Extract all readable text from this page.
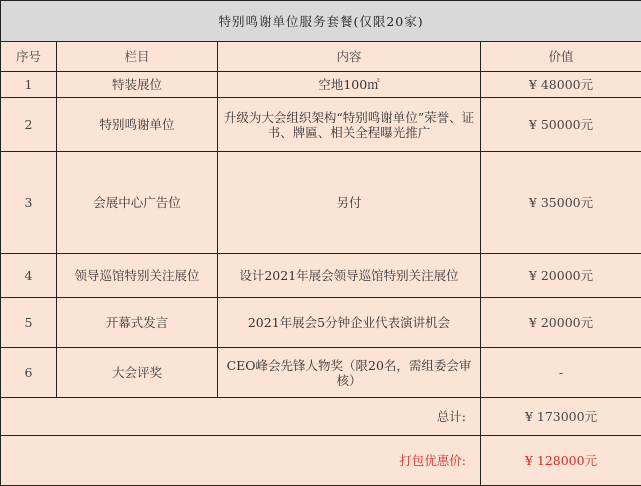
特别鸣谢单位服务套餐(仅限20家)			
序号	栏目	内容	价值
1	特装展位	空地100㎡	¥ 48000元
2	特别鸣谢单位	升级为大会组织架构“特别鸣谢单位”荣誉、证书、牌匾、相关全程曝光推广	¥ 50000元
3	会展中心广告位	另付	¥ 35000元
4	领导巡馆特别关注展位	设计2021年展会领导巡馆特别关注展位	¥ 20000元
5	开幕式发言	2021年展会5分钟企业代表演讲机会	¥ 20000元
6	大会评奖	CEO峰会先锋人物奖（限20名，需组委会审核）	-
总计:			¥ 173000元
打包优惠价:			¥ 128000元
